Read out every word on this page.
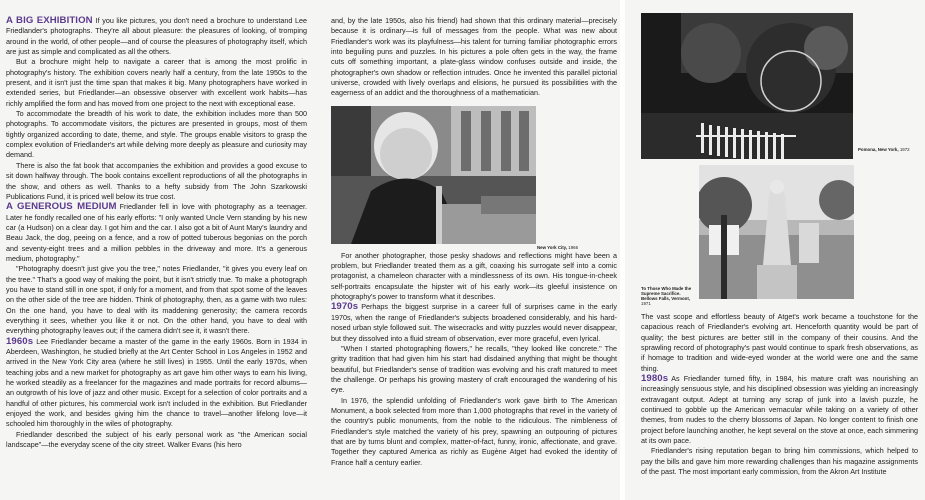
A BIG EXHIBITION If you like pictures, you don't need a brochure to understand Lee Friedlander's photographs. They're all about pleasure: the pleasures of looking, of tromping around in the world, of other people—and of course the pleasures of photography itself, which are just as simple and complicated as all the others.

But a brochure might help to navigate a career that is among the most prolific in photography's history. The exhibition covers nearly half a century, from the late 1950s to the present, and it isn't just the time span that makes it big. Many photographers have worked in extended series, but Friedlander—an obsessive observer with excellent work habits—has richly amplified the form and has moved from one project to the next with exceptional ease.

To accommodate the breadth of his work to date, the exhibition includes more than 500 photographs. To accommodate visitors, the pictures are presented in groups, most of them tightly organized according to date, theme, and style. The groups enable visitors to grasp the complex evolution of Friedlander's art while delving more deeply as pleasure and curiosity may demand.

There is also the fat book that accompanies the exhibition and provides a good excuse to sit down halfway through. The book contains excellent reproductions of all the photographs in the show, and others as well. Thanks to a hefty subsidy from The John Szarkowski Publications Fund, it is priced well below its true cost.

A GENEROUS MEDIUM Friedlander fell in love with photography as a teenager. Later he fondly recalled one of his early efforts: "I only wanted Uncle Vern standing by his new car (a Hudson) on a clear day. I got him and the car. I also got a bit of Aunt Mary's laundry and Beau Jack, the dog, peeing on a fence, and a row of potted tuberous begonias on the porch and seventy-eight trees and a million pebbles in the driveway and more. It's a generous medium, photography."

"Photography doesn't just give you the tree," notes Friedlander, "it gives you every leaf on the tree." That's a good way of making the point, but it isn't strictly true. To make a photograph you have to stand still in one spot, if only for a moment, and from that spot some of the leaves on the other side of the tree are hidden. Think of photography, then, as a game with two rules: On the one hand, you have to deal with its maddening generosity; the camera records everything it sees, whether you like it or not. On the other hand, you have to deal with everything photography leaves out; if the camera didn't see it, it wasn't there.

1960s Lee Friedlander became a master of the game in the early 1960s. Born in 1934 in Aberdeen, Washington, he studied briefly at the Art Center School in Los Angeles in 1952 and arrived in the New York City area (where he still lives) in 1955. Until the early 1970s, when teaching jobs and a new market for photography as art gave him other ways to earn his living, he worked steadily as a freelancer for the magazines and made portraits for record albums—an outgrowth of his love of jazz and other music. Except for a selection of color portraits and a handful of other pictures, his commercial work isn't included in the exhibition. But Friedlander enjoyed the work, and besides giving him the chance to travel—another lifelong love—it schooled him thoroughly in the wiles of photography.

Friedlander described the subject of his early personal work as "the American social landscape"—the everyday scene of the city street. Walker Evans (his hero

and, by the late 1950s, also his friend) had shown that this ordinary material—precisely because it is ordinary—is full of messages from the people. What was new about Friedlander's work was its playfulness—his talent for turning familiar photographic errors into beguiling puns and puzzles. In his pictures a pole often gets in the way, the frame cuts off something important, a plate-glass window confuses outside and inside, the photographer's own shadow or reflection intrudes. Once he invented this parallel pictorial universe, crowded with lively overlaps and elisions, he pursued its possibilities with the eagerness of an addict and the thoroughness of a mathematician.

For another photographer, those pesky shadows and reflections might have been a problem, but Friedlander treated them as a gift, coaxing his surrogate self into a comic protagonist, a chameleon character with a mindlessness of its own. His tongue-in-cheek self-portraits encapsulate the hipster wit of his early work—its gleeful insistence on photography's power to transform what it describes.

1970s Perhaps the biggest surprise in a career full of surprises came in the early 1970s, when the range of Friedlander's subjects broadened considerably, and his hard-nosed urban style followed suit. The wisecracks and witty puzzles would never disappear, but they dissolved into a fluid stream of observation, ever more graceful, even lyrical.

"When I started photographing flowers," he recalls, "they looked like concrete." The gritty tradition that had given him his start had disdained anything that might be thought beautiful, but Friedlander's sense of tradition was evolving and his craft matured to meet the challenge. Or perhaps his growing mastery of craft encouraged the wandering of his eye.

In 1976, the splendid unfolding of Friedlander's work gave birth to The American Monument, a book selected from more than 1,000 photographs that revel in the variety of the country's public monuments, from the noble to the ridiculous. The nimbleness of Friedlander's style matched the variety of his prey, spawning an outpouring of pictures that are by turns blunt and complex, matter-of-fact, funny, ironic, affectionate, and grave. Together they captured America as richly as Eugène Atget had evoked the identity of France half a century earlier.

New York City, 1966
Pomona, New York, 1972
To Those Who Made the Supreme Sacrifice. Bellows Falls, Vermont, 1971

The vast scope and effortless beauty of Atget's work became a touchstone for the capacious reach of Friedlander's evolving art. Henceforth quantity would be part of quality; the best pictures are better still in the company of their cousins. And the sprawling record of photography's past would continue to spark fresh observations, as if homage to tradition and wide-eyed wonder at the world were one and the same thing.

1980s As Friedlander turned fifty, in 1984, his mature craft was nourishing an increasingly sensuous style, and his disciplined obsession was yielding an increasingly extravagant output. Adept at turning any scrap of junk into a lavish puzzle, he continued to gobble up the American vernacular while taking on a variety of other themes, from nudes to the cherry blossoms of Japan. No longer content to finish one project before launching another, he kept several on the stove at once, each simmering at its own pace.

Friedlander's rising reputation began to bring him commissions, which helped to pay the bills and gave him more rewarding challenges than his magazine assignments of the past. The most important early commission, from the Akron Art Institute
